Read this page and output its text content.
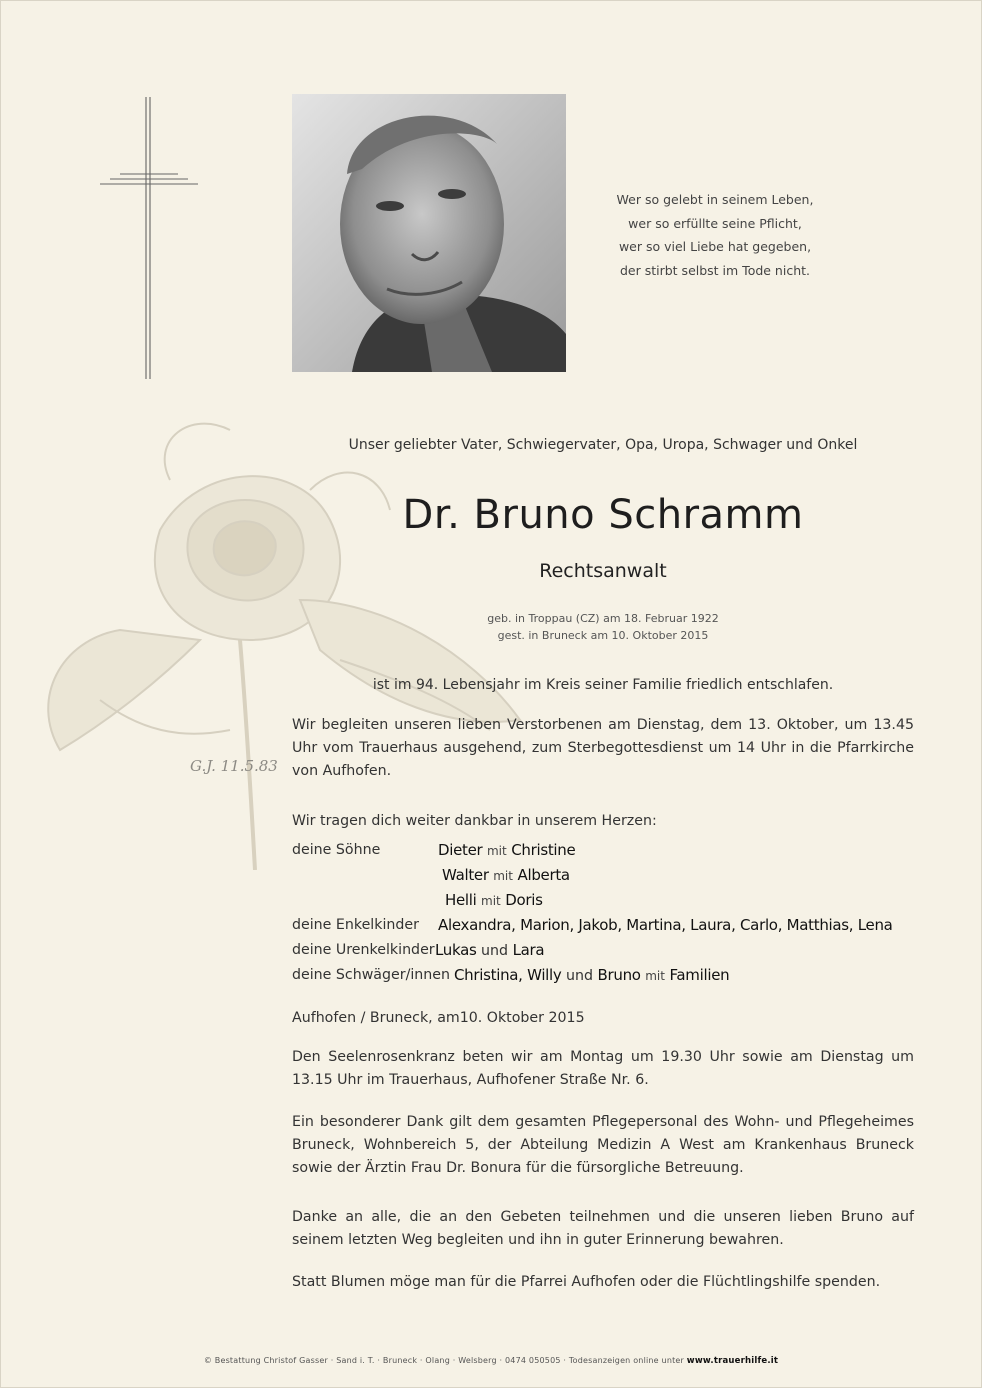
Wer so gelebt in seinem Leben,
wer so erfüllte seine Pflicht,
wer so viel Liebe hat gegeben,
der stirbt selbst im Tode nicht.
G.J. 11.5.83
Unser geliebter Vater, Schwiegervater, Opa, Uropa, Schwager und Onkel
Dr. Bruno Schramm
Rechtsanwalt
geb. in Troppau (CZ) am 18. Februar 1922
gest. in Bruneck am 10. Oktober 2015
ist im 94. Lebensjahr im Kreis seiner Familie friedlich entschlafen.
Wir begleiten unseren lieben Verstorbenen am Dienstag, dem 13. Oktober, um 13.45 Uhr vom Trauerhaus ausgehend, zum Sterbegottesdienst um 14 Uhr in die Pfarrkirche von Aufhofen.
Wir tragen dich weiter dankbar in unserem Herzen:
deine Söhne	Dieter mit Christine
Walter mit Alberta
Helli mit Doris
deine Enkelkinder Alexandra, Marion, Jakob, Martina, Laura, Carlo, Matthias, Lena
deine Urenkelkinder Lukas und Lara
deine Schwäger/innen Christina, Willy und Bruno mit Familien
Aufhofen / Bruneck, am10. Oktober 2015
Den Seelenrosenkranz beten wir am Montag um 19.30 Uhr sowie am Dienstag um 13.15 Uhr im Trauerhaus, Aufhofener Straße Nr. 6.
Ein besonderer Dank gilt dem gesamten Pflegepersonal des Wohn- und Pflegeheimes Bruneck, Wohnbereich 5, der Abteilung Medizin A West am Krankenhaus Bruneck sowie der Ärztin Frau Dr. Bonura für die fürsorgliche Betreuung.
Danke an alle, die an den Gebeten teilnehmen und die unseren lieben Bruno auf seinem letzten Weg begleiten und ihn in guter Erinnerung bewahren.
Statt Blumen möge man für die Pfarrei Aufhofen oder die Flüchtlingshilfe spenden.
© Bestattung Christof Gasser · Sand i. T. · Bruneck · Olang · Welsberg · 0474 050505 · Todesanzeigen online unter www.trauerhilfe.it
